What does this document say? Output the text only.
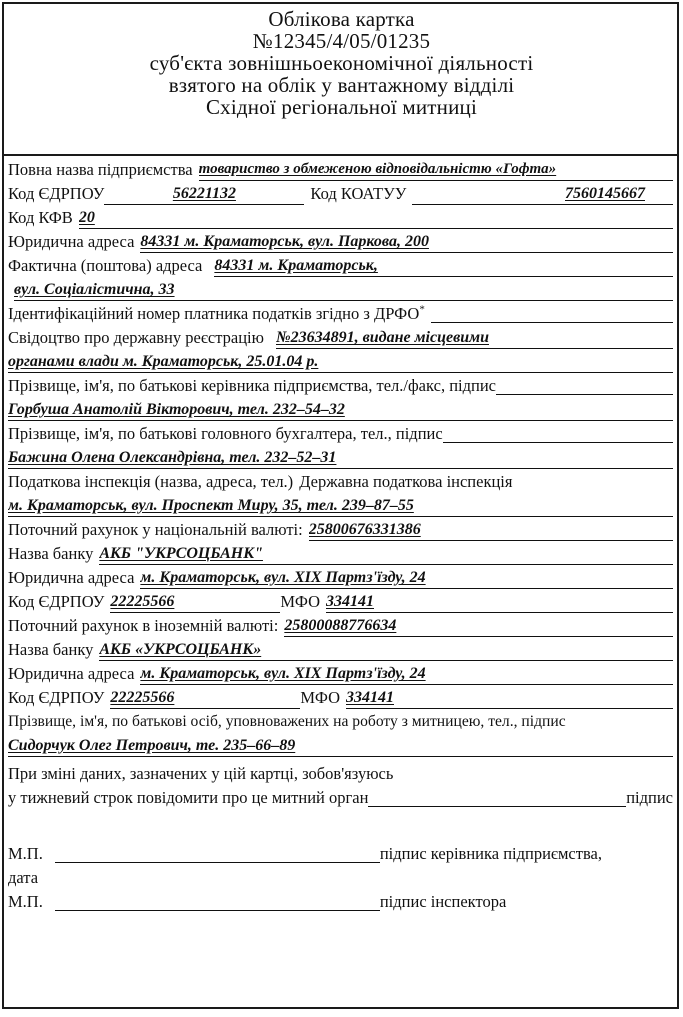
Облікова картка
№12345/4/05/01235
суб'єкта зовнішньоекономічної діяльності
взятого на облік у вантажному відділі
Східної регіональної митниці
Повна назва підприємства товариство з обмеженою відповідальністю «Гофта»
Код ЄДРПОУ	56221132	Код КОАТУУ	7560145667
Код КФВ 20
Юридична адреса 84331 м. Краматорськ, вул. Паркова, 200
Фактична (поштова) адреса 84331 м. Краматорськ,
вул. Соціалістична, 33
Ідентифікаційний номер платника податків згідно з ДРФО*
Свідоцтво про державну реєстрацію №23634891, видане місцевими
органами влади м. Краматорськ, 25.01.04 р.
Прізвище, ім'я, по батькові керівника підприємства, тел./факс, підпис
Горбуша Анатолій Вікторович, тел. 232–54–32
Прізвище, ім'я, по батькові головного бухгалтера, тел., підпис
Бажина Олена Олександрівна, тел. 232–52–31
Податкова інспекція (назва, адреса, тел.) Державна податкова інспекція
м. Краматорськ, вул. Проспект Миру, 35, тел. 239–87–55
Поточний рахунок у національній валюті: 25800676331386
Назва банку АКБ "УКРСОЦБАНК"
Юридична адреса м. Краматорськ, вул. XIX Партз'їзду, 24
Код ЄДРПОУ 22225566	МФО 334141
Поточний рахунок в іноземній валюті: 25800088776634
Назва банку АКБ «УКРСОЦБАНК»
Юридична адреса м. Краматорськ, вул. XIX Партз'їзду, 24
Код ЄДРПОУ 22225566	МФО 334141
Прізвище, ім'я, по батькові осіб, уповноважених на роботу з митницею, тел., підпис
Сидорчук Олег Петрович, те. 235–66–89
При зміні даних, зазначених у цій картці, зобов'язуюсь
у тижневий строк повідомити про це митний орган	підпис
М.П.	підпис керівника підприємства,
дата
М.П.	підпис інспектора
